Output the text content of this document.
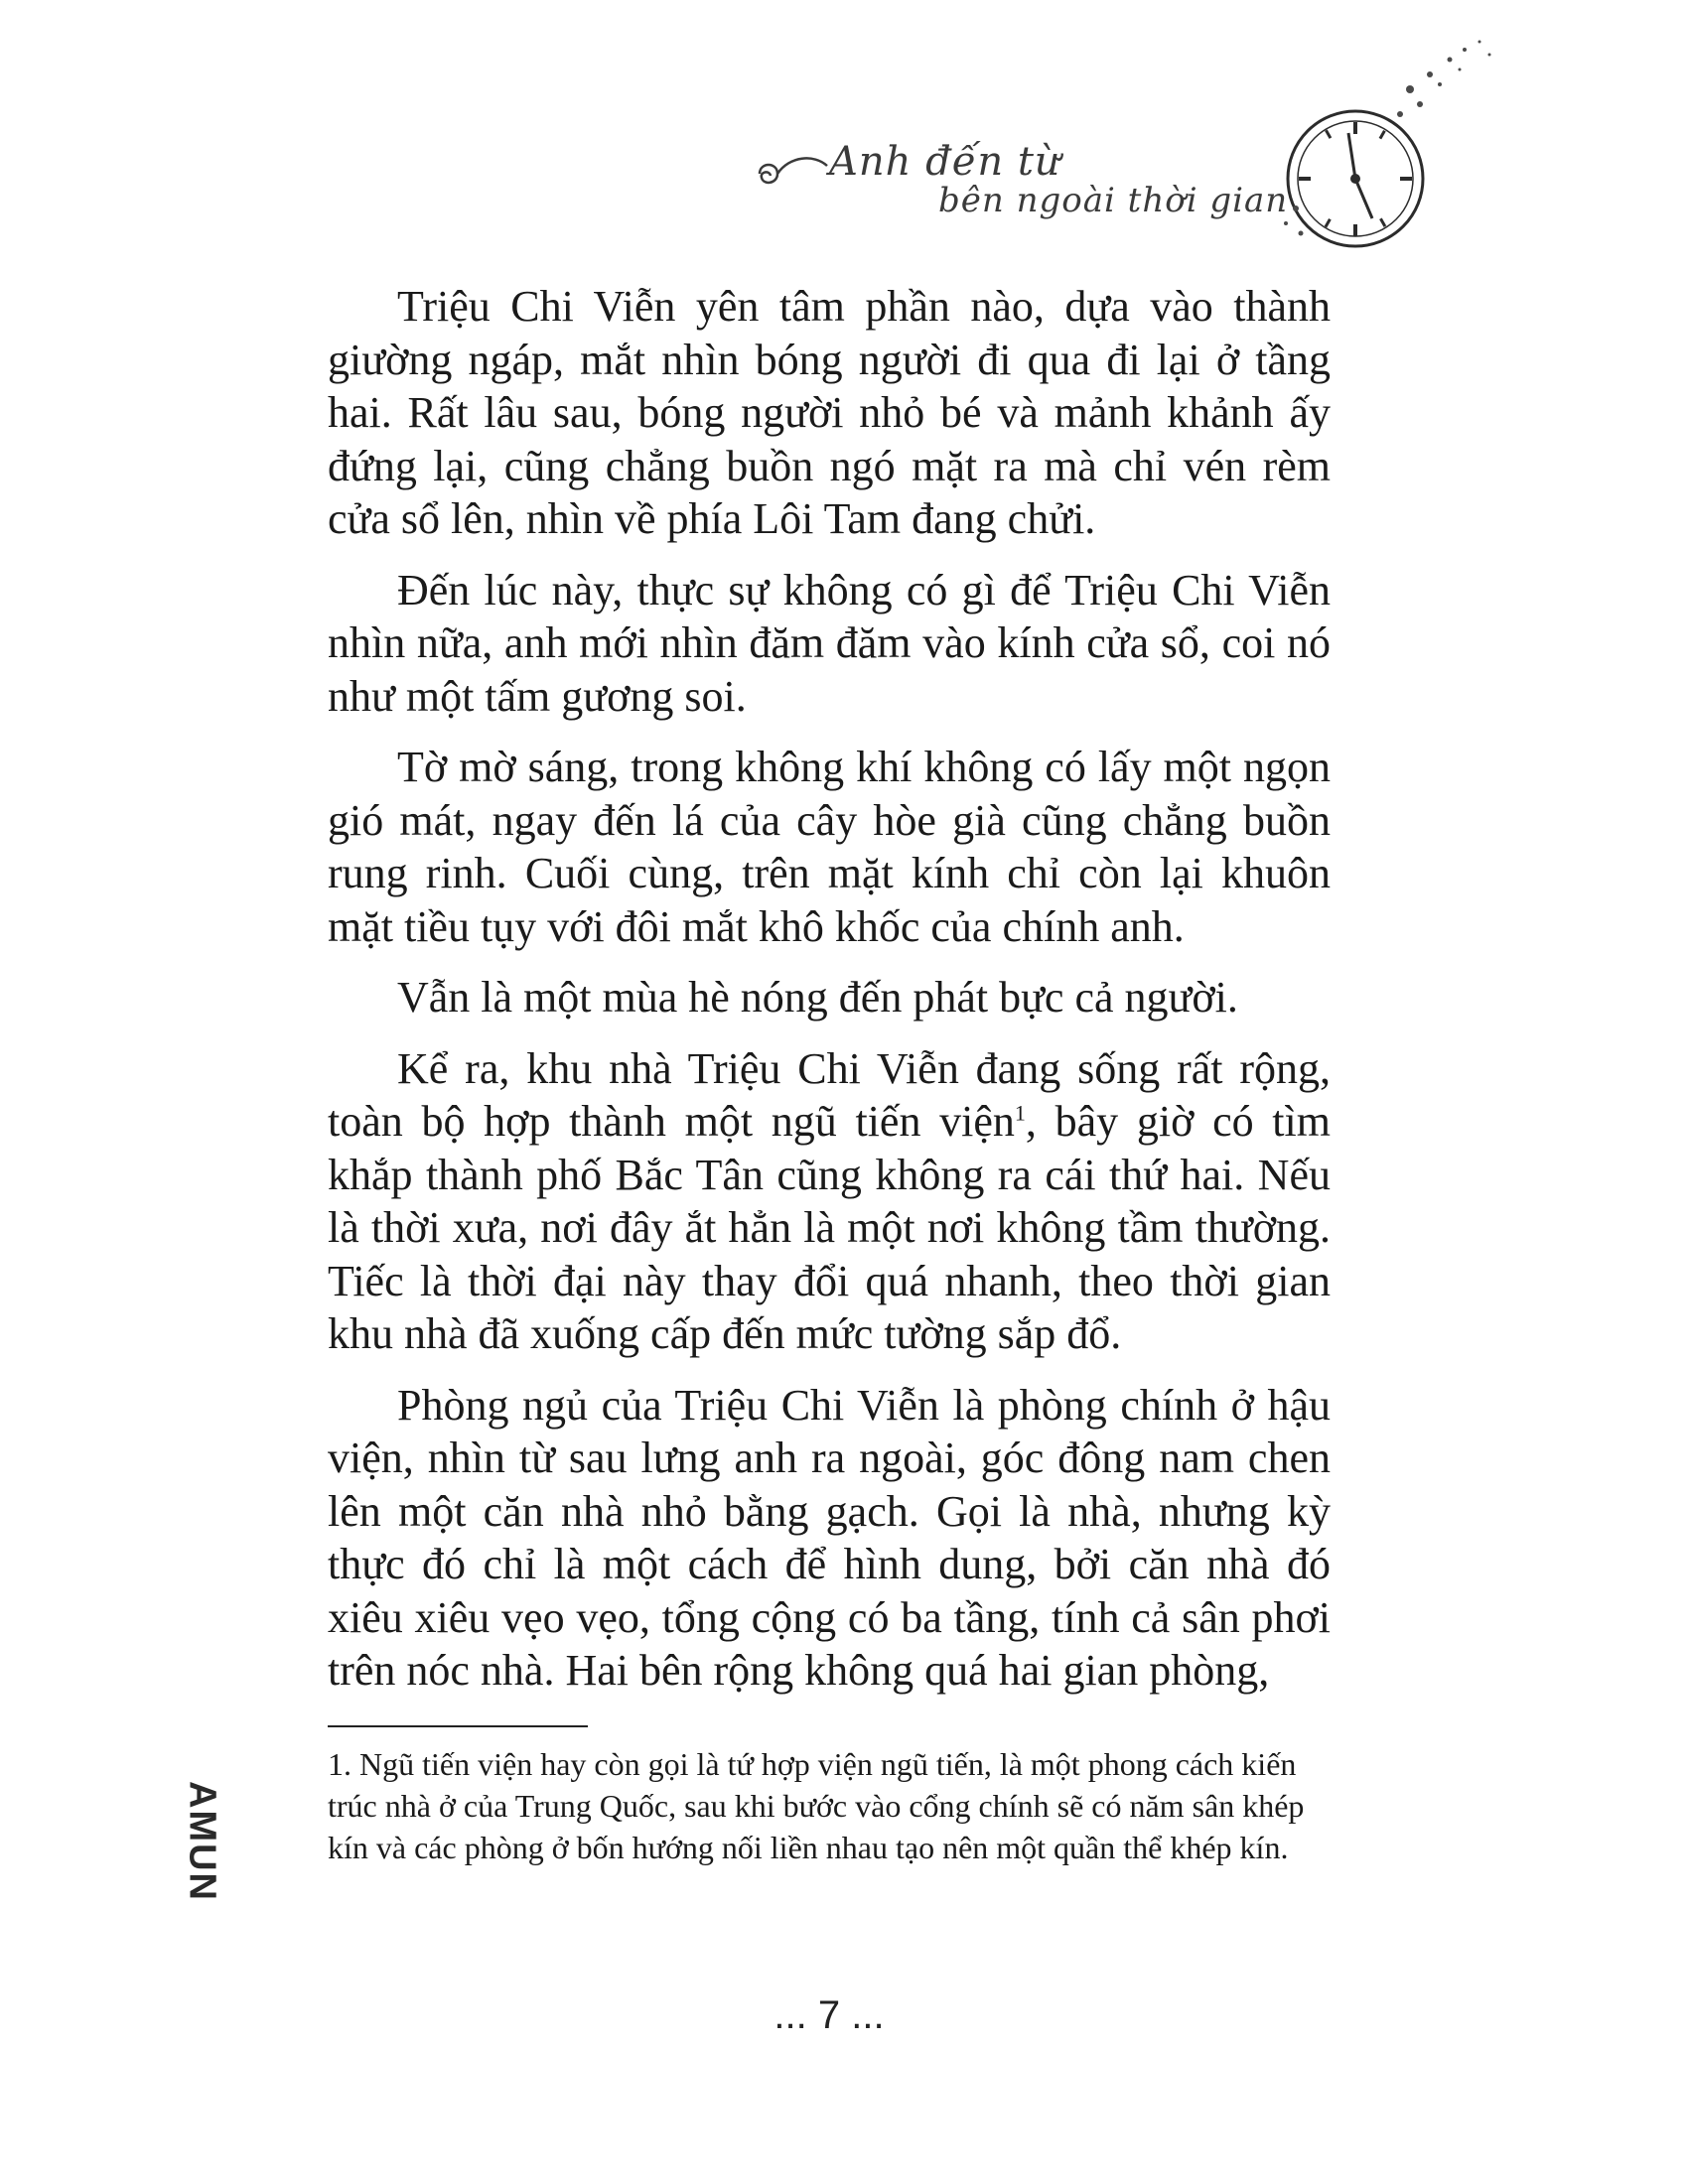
Anh đến từ
bên ngoài thời gian

Triệu Chi Viễn yên tâm phần nào, dựa vào thành giường ngáp, mắt nhìn bóng người đi qua đi lại ở tầng hai. Rất lâu sau, bóng người nhỏ bé và mảnh khảnh ấy đứng lại, cũng chẳng buồn ngó mặt ra mà chỉ vén rèm cửa sổ lên, nhìn về phía Lôi Tam đang chửi.

Đến lúc này, thực sự không có gì để Triệu Chi Viễn nhìn nữa, anh mới nhìn đăm đăm vào kính cửa sổ, coi nó như một tấm gương soi.

Tờ mờ sáng, trong không khí không có lấy một ngọn gió mát, ngay đến lá của cây hòe già cũng chẳng buồn rung rinh. Cuối cùng, trên mặt kính chỉ còn lại khuôn mặt tiều tụy với đôi mắt khô khốc của chính anh.

Vẫn là một mùa hè nóng đến phát bực cả người.

Kể ra, khu nhà Triệu Chi Viễn đang sống rất rộng, toàn bộ hợp thành một ngũ tiến viện$^1$, bây giờ có tìm khắp thành phố Bắc Tân cũng không ra cái thứ hai. Nếu là thời xưa, nơi đây ắt hẳn là một nơi không tầm thường. Tiếc là thời đại này thay đổi quá nhanh, theo thời gian khu nhà đã xuống cấp đến mức tường sắp đổ.

Phòng ngủ của Triệu Chi Viễn là phòng chính ở hậu viện, nhìn từ sau lưng anh ra ngoài, góc đông nam chen lên một căn nhà nhỏ bằng gạch. Gọi là nhà, nhưng kỳ thực đó chỉ là một cách để hình dung, bởi căn nhà đó xiêu xiêu vẹo vẹo, tổng cộng có ba tầng, tính cả sân phơi trên nóc nhà. Hai bên rộng không quá hai gian phòng,

1. Ngũ tiến viện hay còn gọi là tứ hợp viện ngũ tiến, là một phong cách kiến trúc nhà ở của Trung Quốc, sau khi bước vào cổng chính sẽ có năm sân khép kín và các phòng ở bốn hướng nối liền nhau tạo nên một quần thể khép kín.

AMUN
... 7 ...
